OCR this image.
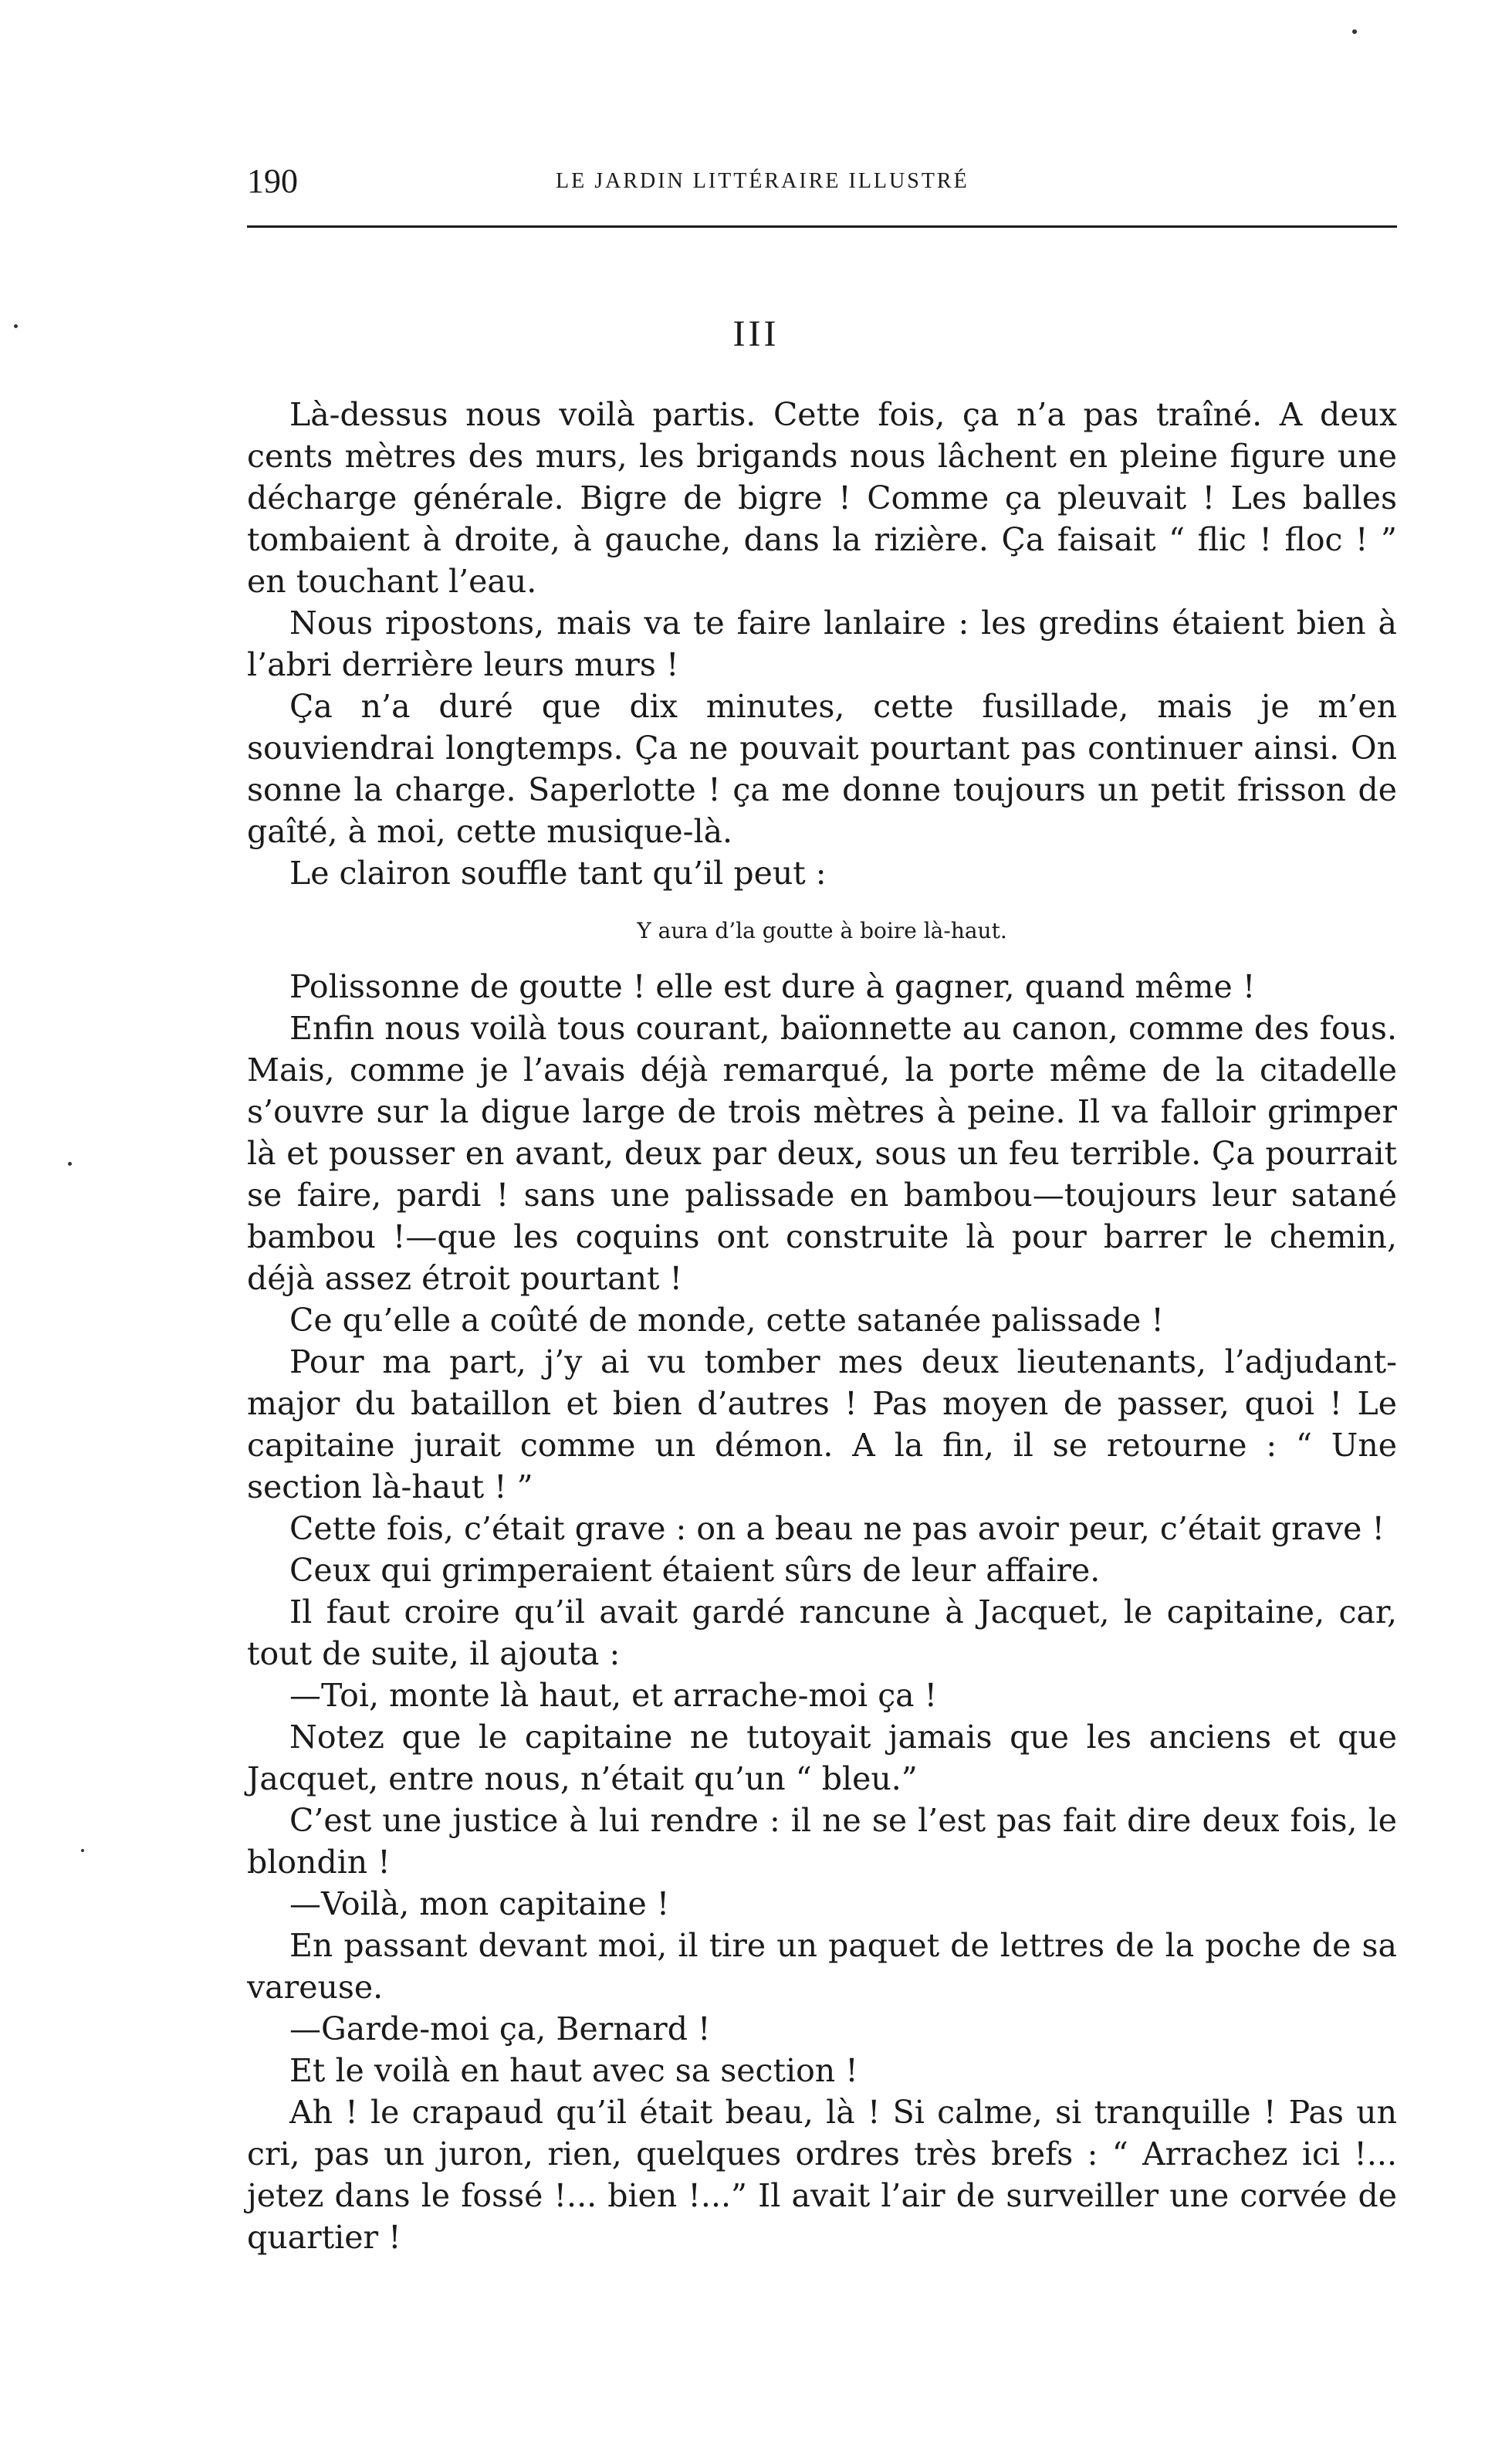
190	LE JARDIN LITTÉRAIRE ILLUSTRÉ
III

Là-dessus nous voilà partis. Cette fois, ça n’a pas traîné. A deux cents mètres des murs, les brigands nous lâchent en pleine figure une décharge générale. Bigre de bigre ! Comme ça pleuvait ! Les balles tombaient à droite, à gauche, dans la rizière. Ça faisait “ flic ! floc ! ” en touchant l’eau.

Nous ripostons, mais va te faire lanlaire : les gredins étaient bien à l’abri derrière leurs murs !

Ça n’a duré que dix minutes, cette fusillade, mais je m’en souviendrai longtemps. Ça ne pouvait pourtant pas continuer ainsi. On sonne la charge. Saperlotte ! ça me donne toujours un petit frisson de gaîté, à moi, cette musique-là.

Le clairon souffle tant qu’il peut :

Y aura d’la goutte à boire là-haut.

Polissonne de goutte ! elle est dure à gagner, quand même !

Enfin nous voilà tous courant, baïonnette au canon, comme des fous. Mais, comme je l’avais déjà remarqué, la porte même de la citadelle s’ouvre sur la digue large de trois mètres à peine. Il va falloir grimper là et pousser en avant, deux par deux, sous un feu terrible. Ça pourrait se faire, pardi ! sans une palissade en bambou—toujours leur satané bambou !—que les coquins ont construite là pour barrer le chemin, déjà assez étroit pourtant !

Ce qu’elle a coûté de monde, cette satanée palissade !

Pour ma part, j’y ai vu tomber mes deux lieutenants, l’adjudant-major du bataillon et bien d’autres ! Pas moyen de passer, quoi ! Le capitaine jurait comme un démon. A la fin, il se retourne : “ Une section là-haut ! ”

Cette fois, c’était grave : on a beau ne pas avoir peur, c’était grave !

Ceux qui grimperaient étaient sûrs de leur affaire.

Il faut croire qu’il avait gardé rancune à Jacquet, le capitaine, car, tout de suite, il ajouta :

—Toi, monte là haut, et arrache-moi ça !

Notez que le capitaine ne tutoyait jamais que les anciens et que Jacquet, entre nous, n’était qu’un “ bleu.”

C’est une justice à lui rendre : il ne se l’est pas fait dire deux fois, le blondin !

—Voilà, mon capitaine !

En passant devant moi, il tire un paquet de lettres de la poche de sa vareuse.

—Garde-moi ça, Bernard !

Et le voilà en haut avec sa section !

Ah ! le crapaud qu’il était beau, là ! Si calme, si tranquille ! Pas un cri, pas un juron, rien, quelques ordres très brefs : “ Arrachez ici !... jetez dans le fossé !... bien !...” Il avait l’air de surveiller une corvée de quartier !
